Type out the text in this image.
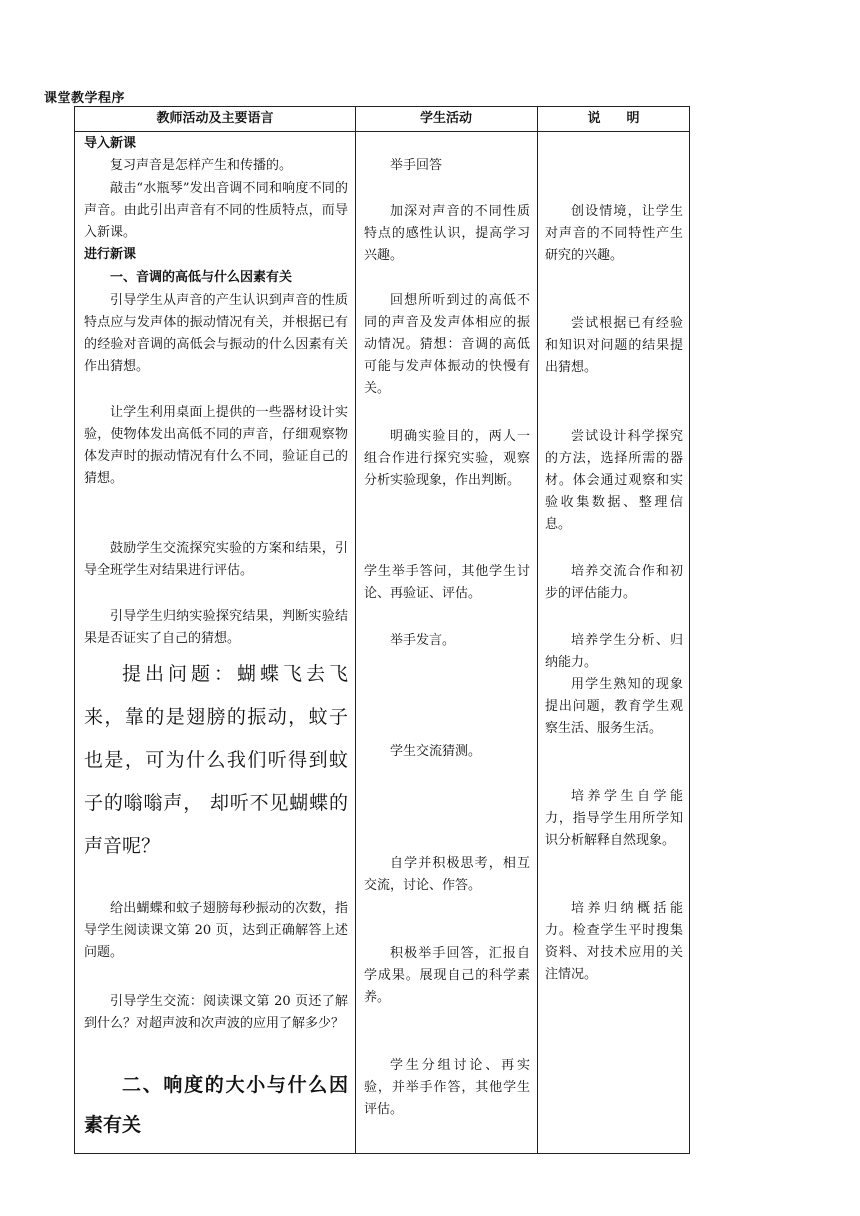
课堂教学程序
教师活动及主要语言	学生活动	说　　明

导入新课

复习声音是怎样产生和传播的。

敲击“水瓶琴”发出音调不同和响度不同的声音。由此引出声音有不同的性质特点，而导入新课。

进行新课

一、音调的高低与什么因素有关

引导学生从声音的产生认识到声音的性质特点应与发声体的振动情况有关，并根据已有的经验对音调的高低会与振动的什么因素有关作出猜想。

让学生利用桌面上提供的一些器材设计实验，使物体发出高低不同的声音，仔细观察物体发声时的振动情况有什么不同，验证自己的猜想。

鼓励学生交流探究实验的方案和结果，引导全班学生对结果进行评估。

引导学生归纳实验探究结果，判断实验结果是否证实了自己的猜想。

提出问题：蝴蝶飞去飞来，靠的是翅膀的振动，蚊子也是，可为什么我们听得到蚊子的嗡嗡声， 却听不见蝴蝶的声音呢？

给出蝴蝶和蚊子翅膀每秒振动的次数，指导学生阅读课文第 20 页，达到正确解答上述问题。

引导学生交流：阅读课文第 20 页还了解到什么？对超声波和次声波的应用了解多少？

二、响度的大小与什么因素有关

举手回答

加深对声音的不同性质特点的感性认识，提高学习兴趣。

回想所听到过的高低不同的声音及发声体相应的振动情况。猜想：音调的高低可能与发声体振动的快慢有关。

明确实验目的，两人一组合作进行探究实验，观察分析实验现象，作出判断。

学生举手答问，其他学生讨论、再验证、评估。

举手发言。

学生交流猜测。

自学并积极思考，相互交流，讨论、作答。

积极举手回答，汇报自学成果。展现自己的科学素养。

学生分组讨论、再实验，并举手作答，其他学生评估。

创设情境，让学生对声音的不同特性产生研究的兴趣。

尝试根据已有经验和知识对问题的结果提出猜想。

尝试设计科学探究的方法，选择所需的器材。体会通过观察和实验收集数据、整理信息。

培养交流合作和初步的评估能力。

培养学生分析、归纳能力。

用学生熟知的现象提出问题，教育学生观察生活、服务生活。

培养学生自学能力，指导学生用所学知识分析解释自然现象。

培养归纳概括能力。检查学生平时搜集资料、对技术应用的关注情况。
